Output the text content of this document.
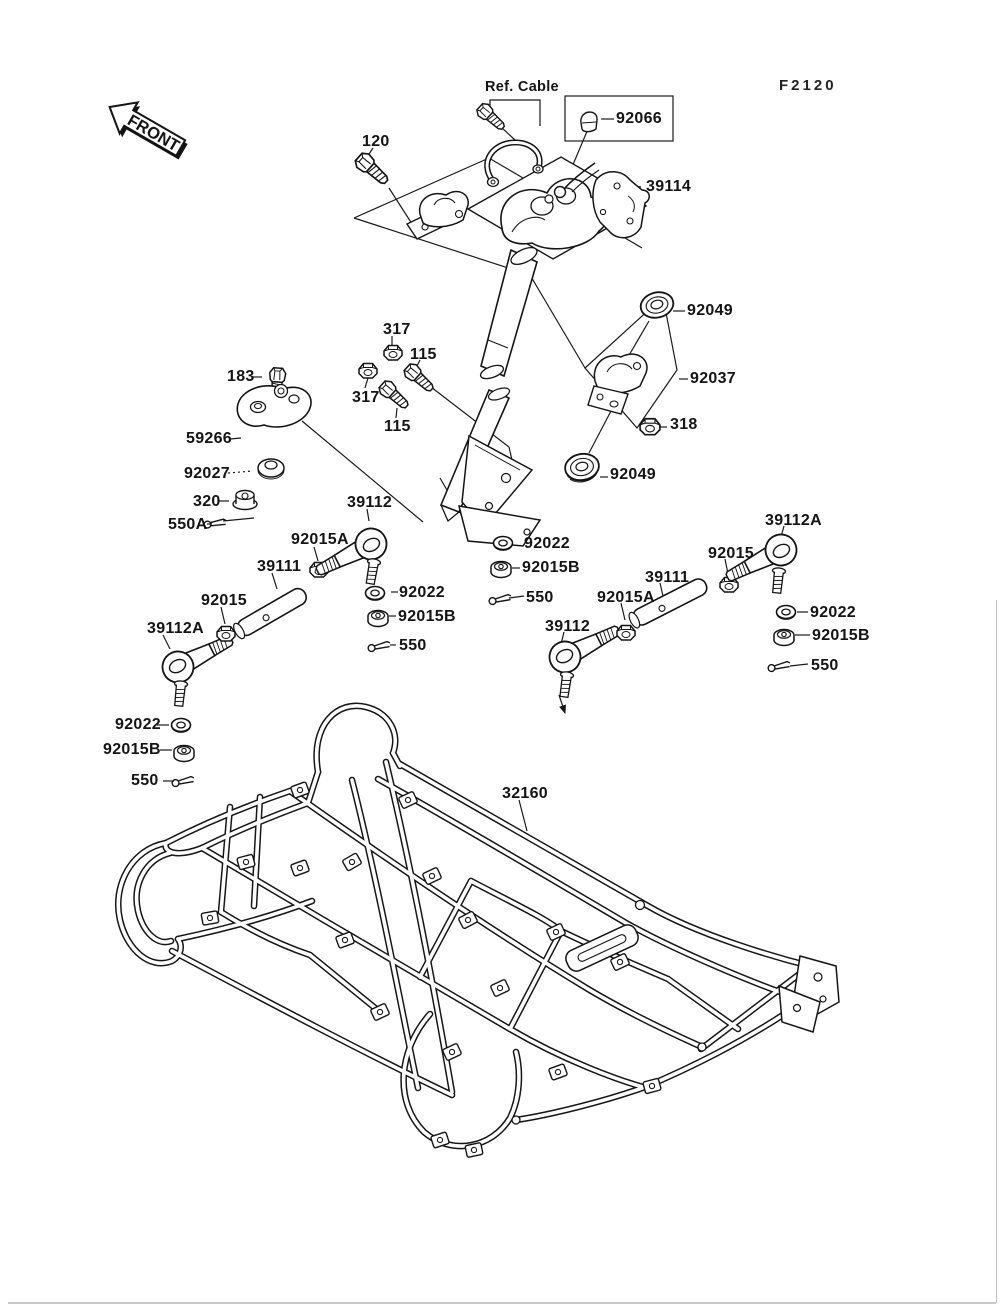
FRONT
Ref. Cable
92066
39114
F2120
120
317
115
183
317
115
59266
92027
320
550A
92049
92037
318
92049
39112
92015A
39111
92015
39112A
92022
92015B
550
92022
92015B
550
39112
92015A
39111
92015
39112A
92022
92015B
550
92022
92015B
550
32160
